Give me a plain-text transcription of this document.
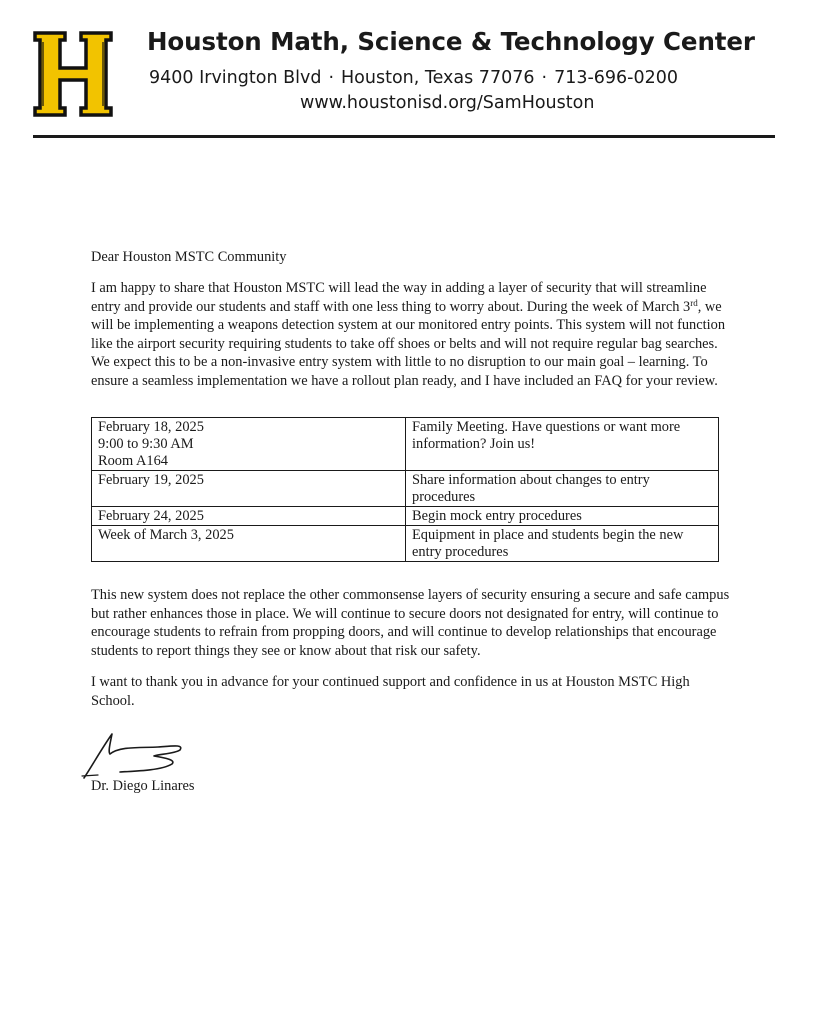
H	Houston Math, Science & Technology Center
9400 Irvington Blvd · Houston, Texas 77076 · 713-696-0200
www.houstonisd.org/SamHouston
Dear Houston MSTC Community
I am happy to share that Houston MSTC will lead the way in adding a layer of security that will streamline entry and provide our students and staff with one less thing to worry about. During the week of March 3rd, we will be implementing a weapons detection system at our monitored entry points. This system will not function like the airport security requiring students to take off shoes or belts and will not require regular bag searches. We expect this to be a non-invasive entry system with little to no disruption to our main goal – learning. To ensure a seamless implementation we have a rollout plan ready, and I have included an FAQ for your review.
February 18, 2025
9:00 to 9:30 AM
Room A164	Family Meeting. Have questions or want more information? Join us!
February 19, 2025	Share information about changes to entry procedures
February 24, 2025	Begin mock entry procedures
Week of March 3, 2025	Equipment in place and students begin the new entry procedures
This new system does not replace the other commonsense layers of security ensuring a secure and safe campus but rather enhances those in place. We will continue to secure doors not designated for entry, will continue to encourage students to refrain from propping doors, and will continue to develop relationships that encourage students to report things they see or know about that risk our safety.
I want to thank you in advance for your continued support and confidence in us at Houston MSTC High School.
Dr. Diego Linares
